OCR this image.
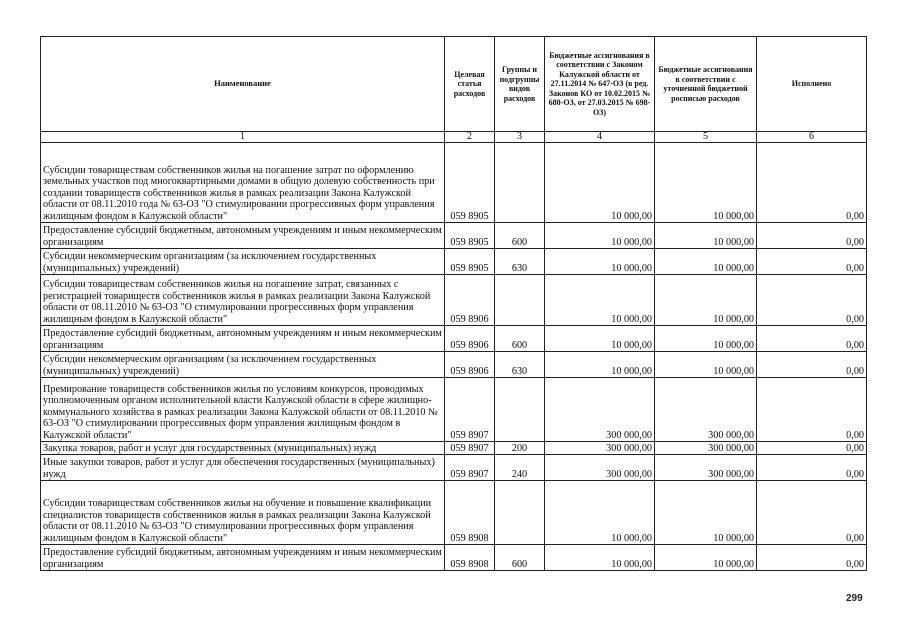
Наименование	Целевая статья расходов	Группы и подгруппы видов расходов	Бюджетные ассигнования в соответствии с Законом Калужской области от 27.11.2014 № 647-ОЗ (в ред. Законов КО от 10.02.2015 № 680-ОЗ, от 27.03.2015 № 698-ОЗ)	Бюджетные ассигнования в соответствии с уточненной бюджетной росписью расходов	Исполнено
1	2	3	4	5	6
Субсидии товариществам собственников жилья на погашение затрат по оформлению земельных участков под многоквартирными домами в общую долевую собственность при создании товариществ собственников жилья в рамках реализации Закона Калужской области от 08.11.2010 года № 63-ОЗ "О стимулировании прогрессивных форм управления жилищным фондом в Калужской области"	059 8905		10 000,00	10 000,00	0,00
Предоставление субсидий бюджетным, автономным учреждениям и иным некоммерческим организациям	059 8905	600	10 000,00	10 000,00	0,00
Субсидии некоммерческим организациям (за исключением государственных (муниципальных) учреждений)	059 8905	630	10 000,00	10 000,00	0,00
Субсидии товариществам собственников жилья на погашение затрат, связанных с регистрацией товариществ собственников жилья в рамках реализации Закона Калужской области от 08.11.2010 № 63-ОЗ "О стимулировании прогрессивных форм управления жилищным фондом в Калужской области"	059 8906		10 000,00	10 000,00	0,00
Предоставление субсидий бюджетным, автономным учреждениям и иным некоммерческим организациям	059 8906	600	10 000,00	10 000,00	0,00
Субсидии некоммерческим организациям (за исключением государственных (муниципальных) учреждений)	059 8906	630	10 000,00	10 000,00	0,00
Премирование товариществ собственников жилья по условиям конкурсов, проводимых уполномоченным органом исполнительной власти Калужской области в сфере жилищно-коммунального хозяйства в рамках реализации Закона Калужской области от 08.11.2010 № 63-ОЗ "О стимулировании прогрессивных форм управления жилищным фондом в Калужской области"	059 8907		300 000,00	300 000,00	0,00
Закупка товаров, работ и услуг для государственных (муниципальных) нужд	059 8907	200	300 000,00	300 000,00	0,00
Иные закупки товаров, работ и услуг для обеспечения государственных (муниципальных) нужд	059 8907	240	300 000,00	300 000,00	0,00
Субсидии товариществам собственников жилья на обучение и повышение квалификации специалистов товариществ собственников жилья в рамках реализации Закона Калужской области от 08.11.2010 № 63-ОЗ "О стимулировании прогрессивных форм управления жилищным фондом в Калужской области"	059 8908		10 000,00	10 000,00	0,00
Предоставление субсидий бюджетным, автономным учреждениям и иным некоммерческим организациям	059 8908	600	10 000,00	10 000,00	0,00
299
